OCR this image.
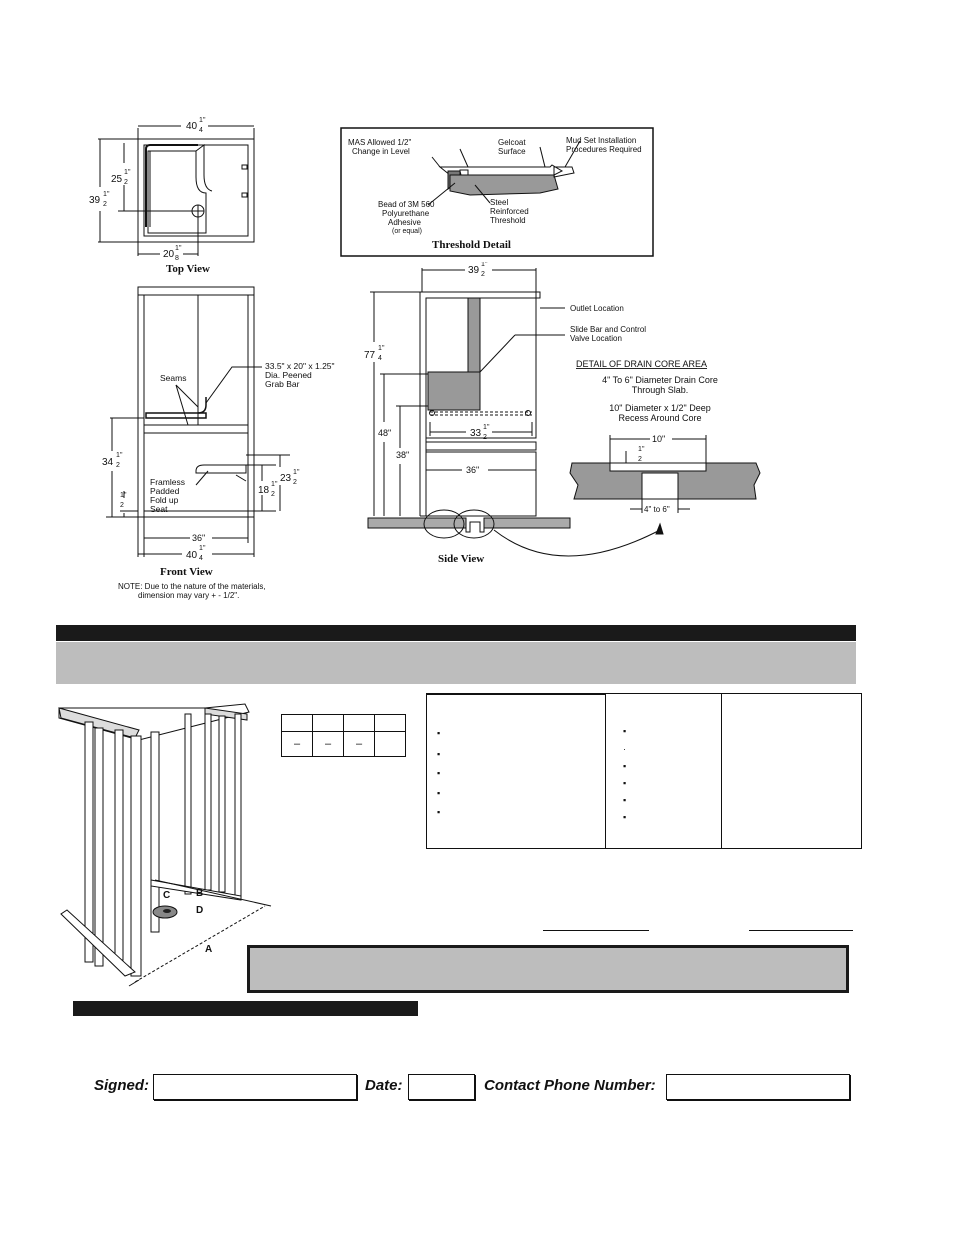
40
1
4
"
39
1
2
"
25
1
2
"
20
1
8
"
Top View
Seams
33.5" x 20" x 1.25"
Dia. Peened
Grab Bar
Framless
Padded
Fold up
Seat
34
1
2
"
1
2
"	18
1
2
"
23
1
2
"
36"
40
1
4
"
Front View
NOTE: Due to the nature of the materials,
dimension may vary + - 1/2".
MAS Allowed 1/2"
Change in Level
Gelcoat
Surface
Mud Set Installation
Procedures Required
Bead of 3M 560
Polyurethane
Adhesive
(or equal)
Steel
Reinforced
Threshold
Threshold Detail
Outlet Location
Slide Bar and Control
Valve Location
39
1
2
"
77
1
4
"
48"
38"
33
1
2
"
36"
Side View
DETAIL OF DRAIN CORE AREA
4" To 6" Diameter Drain Core
Through Slab.
10" Diameter x 1/2" Deep
Recess Around Core
10"
1
2
"
4" to 6"
A
B
C
D

–	–	–	
▪
▪
▪
▪
▪
▪
·
▪
▪
▪
▪
Signed:	Date:	Contact Phone Number:
